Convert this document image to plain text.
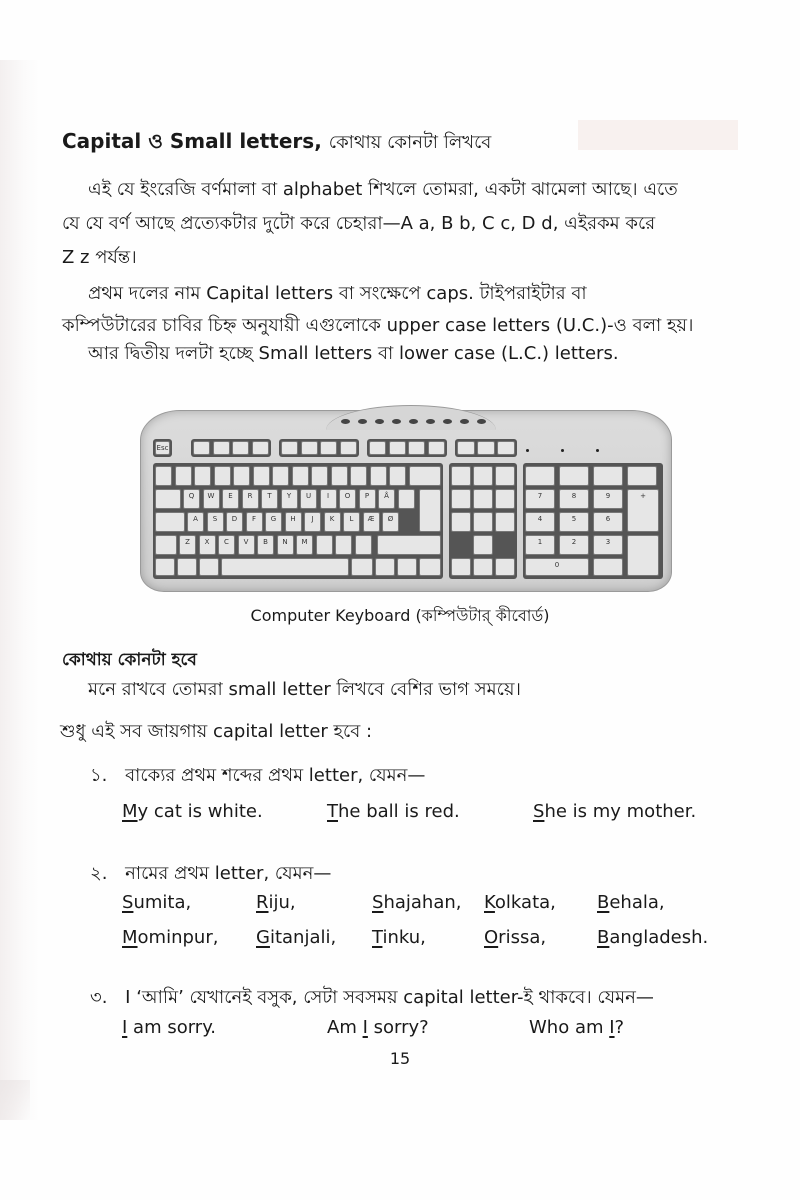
Capital ও Small letters, কোথায় কোনটা লিখবে
এই যে ইংরেজি বর্ণমালা বা alphabet শিখলে তোমরা, একটা ঝামেলা আছে। এতে
যে যে বর্ণ আছে প্রত্যেকটার দুটো করে চেহারা—A a, B b, C c, D d, এইরকম করে
Z z পর্যন্ত।
প্রথম দলের নাম Capital letters বা সংক্ষেপে caps. টাইপরাইটার বা
কম্পিউটারের চাবির চিহ্ন অনুযায়ী এগুলোকে upper case letters (U.C.)-ও বলা হয়।
আর দ্বিতীয় দলটা হচ্ছে Small letters বা lower case (L.C.) letters.
Esc
Q	W	E	R	T	Y	U	I	O	P	Å
A	S	D	F	G	H	J	K	L	Æ	Ø
Z	X	C	V	B	N	M
7	8	9
4	5	6
1	2	3
+
0
Computer Keyboard (কম্পিউটার্ কীবোর্ড)
কোথায় কোনটা হবে
মনে রাখবে তোমরা small letter লিখবে বেশির ভাগ সময়ে।
শুধু এই সব জায়গায় capital letter হবে :
১. বাক্যের প্রথম শব্দের প্রথম letter, যেমন—
My cat is white.	The ball is red.	She is my mother.
২. নামের প্রথম letter, যেমন—
Sumita,	Riju,	Shajahan, Kolkata, Behala,
Mominpur, Gitanjali, Tinku,	Orissa,	Bangladesh.
৩. I ‘আমি’ যেখানেই বসুক, সেটা সবসময় capital letter-ই থাকবে। যেমন—
I am sorry.	Am I sorry?	Who am I?
15
